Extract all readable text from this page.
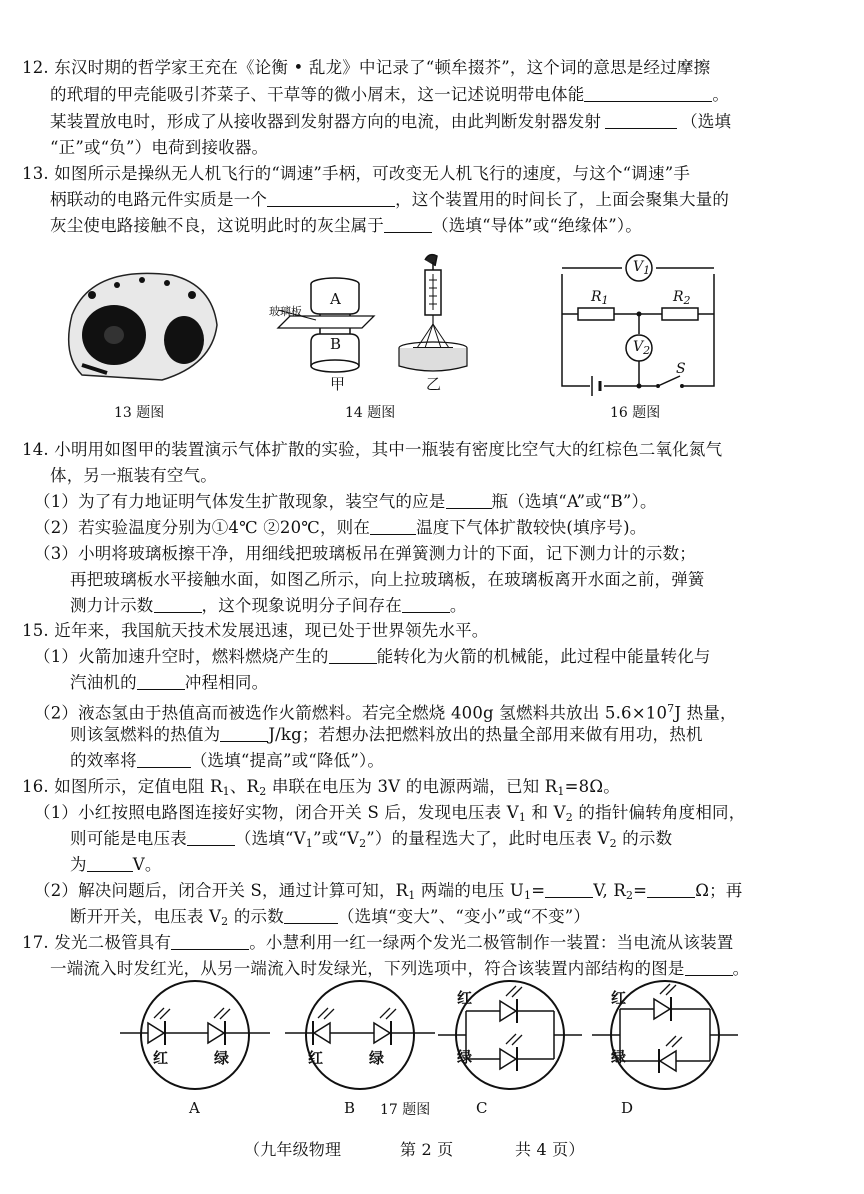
12. 东汉时期的哲学家王充在《论衡 • 乱龙》中记录了“顿牟掇芥”，这个词的意思是经过摩擦
的玳瑁的甲壳能吸引芥菜子、干草等的微小屑末，这一记述说明带电体能	。
某装置放电时，形成了从接收器到发射器方向的电流，由此判断发射器发射	（选填
“正”或“负”）电荷到接收器。
13. 如图所示是操纵无人机飞行的“调速”手柄，可改变无人机飞行的速度，与这个“调速”手
柄联动的电路元件实质是一个	，这个装置用的时间长了，上面会聚集大量的
灰尘使电路接触不良，这说明此时的灰尘属于	（选填“导体”或“绝缘体”）。
13 题图
玻璃板
A
B
甲	乙
14 题图
$V_1$
$R_1$	$R_2$
$V_2$
S
16 题图
14. 小明用如图甲的装置演示气体扩散的实验，其中一瓶装有密度比空气大的红棕色二氧化氮气
体，另一瓶装有空气。
（1）为了有力地证明气体发生扩散现象，装空气的应是	瓶（选填“A”或“B”）。
（2）若实验温度分别为①4℃ ②20℃，则在	温度下气体扩散较快(填序号)。
（3）小明将玻璃板擦干净，用细线把玻璃板吊在弹簧测力计的下面，记下测力计的示数；
再把玻璃板水平接触水面，如图乙所示，向上拉玻璃板，在玻璃板离开水面之前，弹簧
测力计示数	，这个现象说明分子间存在	。
15. 近年来，我国航天技术发展迅速，现已处于世界领先水平。
（1）火箭加速升空时，燃料燃烧产生的	能转化为火箭的机械能，此过程中能量转化与
汽油机的	冲程相同。
（2）液态氢由于热值高而被选作火箭燃料。若完全燃烧 400g 氢燃料共放出 $5.6\times 10^7J$ 热量，
则该氢燃料的热值为	J/kg；若想办法把燃料放出的热量全部用来做有用功，热机
的效率将	（选填“提高”或“降低”）。
16. 如图所示，定值电阻 $R_1$、$R_2$ 串联在电压为 3V 的电源两端，已知 $R_1=8\Omega$。
（1）小红按照电路图连接好实物，闭合开关 S 后，发现电压表 $V_1$ 和 $V_2$ 的指针偏转角度相同，
则可能是电压表	（选填“$V_1$”或“$V_2$”）的量程选大了，此时电压表 $V_2$ 的示数
为	V。
（2）解决问题后，闭合开关 S，通过计算可知，$R_1$ 两端的电压 $U_1=$	V, $R_2=$	Ω；再
断开开关，电压表 $V_2$ 的示数	（选填“变大”、“变小”或“不变”）
17. 发光二极管具有	。小慧利用一红一绿两个发光二极管制作一装置：当电流从该装置
一端流入时发红光，从另一端流入时发绿光，下列选项中，符合该装置内部结构的图是	。
红	绿	红	绿
红
绿
红
绿
A	B 17 题图	C	D
（九年级物理	第 2 页	共 4 页）
